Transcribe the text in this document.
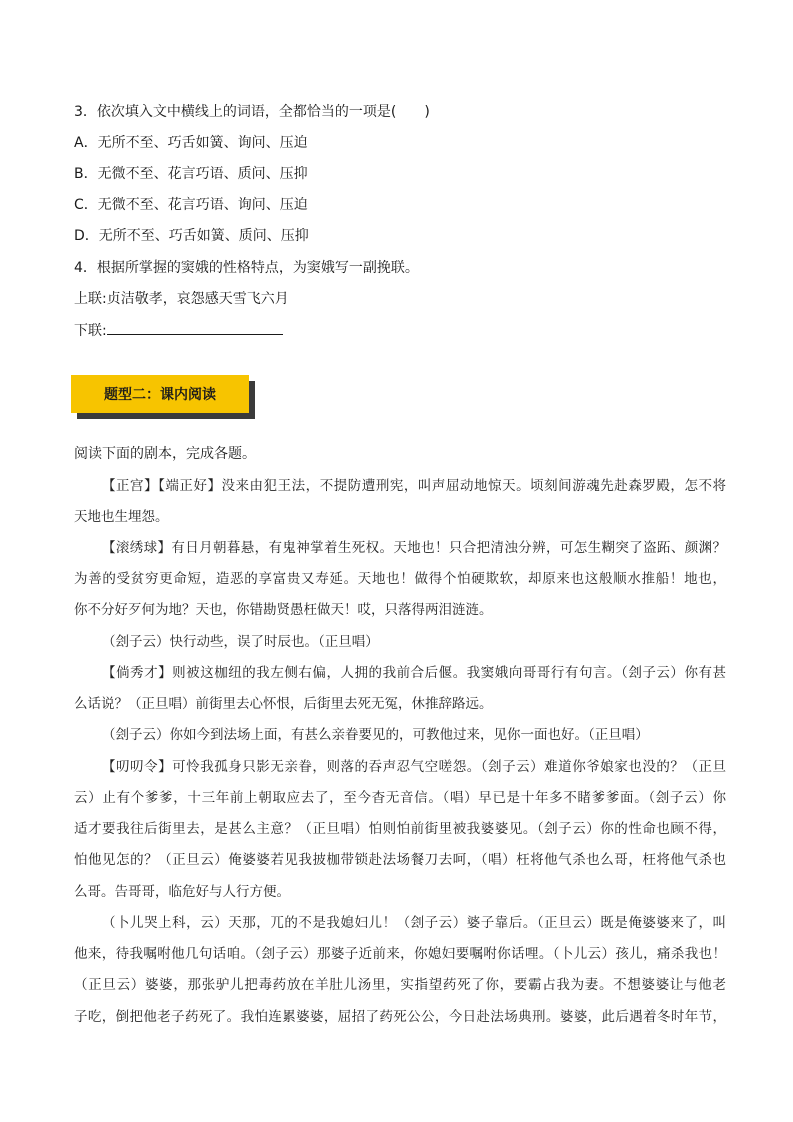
3．依次填入文中横线上的词语，全都恰当的一项是(　　)
A．无所不至、巧舌如簧、询问、压迫
B．无微不至、花言巧语、质问、压抑
C．无微不至、花言巧语、询问、压迫
D．无所不至、巧舌如簧、质问、压抑
4．根据所掌握的窦娥的性格特点，为窦娥写一副挽联。
上联:贞洁敬孝，哀怨感天雪飞六月
下联:
题型二：课内阅读
阅读下面的剧本，完成各题。
【正宫】【端正好】没来由犯王法，不提防遭刑宪，叫声屈动地惊天。顷刻间游魂先赴森罗殿，怎不将
天地也生埋怨。
【滚绣球】有日月朝暮悬，有鬼神掌着生死权。天地也！只合把清浊分辨，可怎生糊突了盗跖、颜渊？
为善的受贫穷更命短，造恶的享富贵又寿延。天地也！做得个怕硬欺软，却原来也这般顺水推船！地也，
你不分好歹何为地？天也，你错勘贤愚枉做天！哎，只落得两泪涟涟。
（刽子云）快行动些，误了时辰也。（正旦唱）
【倘秀才】则被这枷纽的我左侧右偏，人拥的我前合后偃。我窦娥向哥哥行有句言。（刽子云）你有甚
么话说？（正旦唱）前街里去心怀恨，后街里去死无冤，休推辞路远。
（刽子云）你如今到法场上面，有甚么亲眷要见的，可教他过来，见你一面也好。（正旦唱）
【叨叨令】可怜我孤身只影无亲眷，则落的吞声忍气空嗟怨。（刽子云）难道你爷娘家也没的？（正旦
云）止有个爹爹，十三年前上朝取应去了，至今杳无音信。（唱）早已是十年多不睹爹爹面。（刽子云）你
适才要我往后街里去，是甚么主意？（正旦唱）怕则怕前街里被我婆婆见。（刽子云）你的性命也顾不得，
怕他见怎的？（正旦云）俺婆婆若见我披枷带锁赴法场餐刀去呵，（唱）枉将他气杀也么哥，枉将他气杀也
么哥。告哥哥，临危好与人行方便。
（卜儿哭上科，云）天那，兀的不是我媳妇儿！（刽子云）婆子靠后。（正旦云）既是俺婆婆来了，叫
他来，待我嘱咐他几句话咱。（刽子云）那婆子近前来，你媳妇要嘱咐你话哩。（卜儿云）孩儿，痛杀我也！
（正旦云）婆婆，那张驴儿把毒药放在羊肚儿汤里，实指望药死了你，要霸占我为妻。不想婆婆让与他老
子吃，倒把他老子药死了。我怕连累婆婆，屈招了药死公公，今日赴法场典刑。婆婆，此后遇着冬时年节，
